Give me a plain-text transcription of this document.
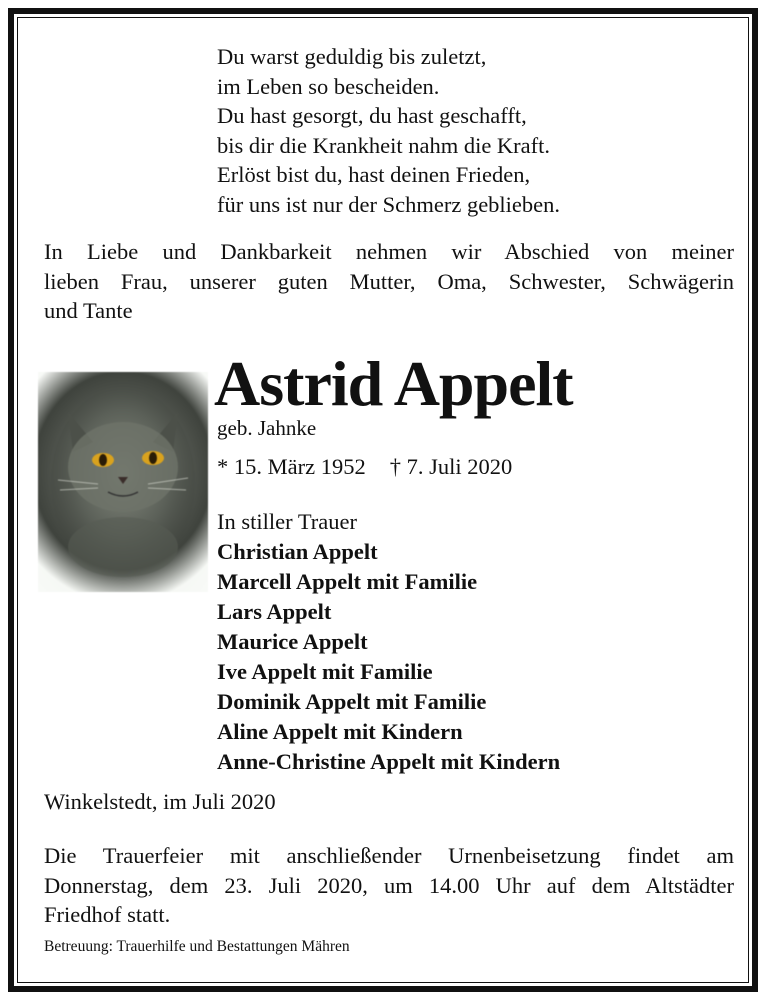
Du warst geduldig bis zuletzt,
im Leben so bescheiden.
Du hast gesorgt, du hast geschafft,
bis dir die Krankheit nahm die Kraft.
Erlöst bist du, hast deinen Frieden,
für uns ist nur der Schmerz geblieben.
In Liebe und Dankbarkeit nehmen wir Abschied von meiner
lieben Frau, unserer guten Mutter, Oma, Schwester, Schwägerin
und Tante
Astrid Appelt
geb. Jahnke
* 15. März 1952 † 7. Juli 2020
In stiller Trauer
Christian Appelt
Marcell Appelt mit Familie
Lars Appelt
Maurice Appelt
Ive Appelt mit Familie
Dominik Appelt mit Familie
Aline Appelt mit Kindern
Anne-Christine Appelt mit Kindern
Winkelstedt, im Juli 2020
Die Trauerfeier mit anschließender Urnenbeisetzung findet am
Donnerstag, dem 23. Juli 2020, um 14.00 Uhr auf dem Altstädter
Friedhof statt.
Betreuung: Trauerhilfe und Bestattungen Mähren
